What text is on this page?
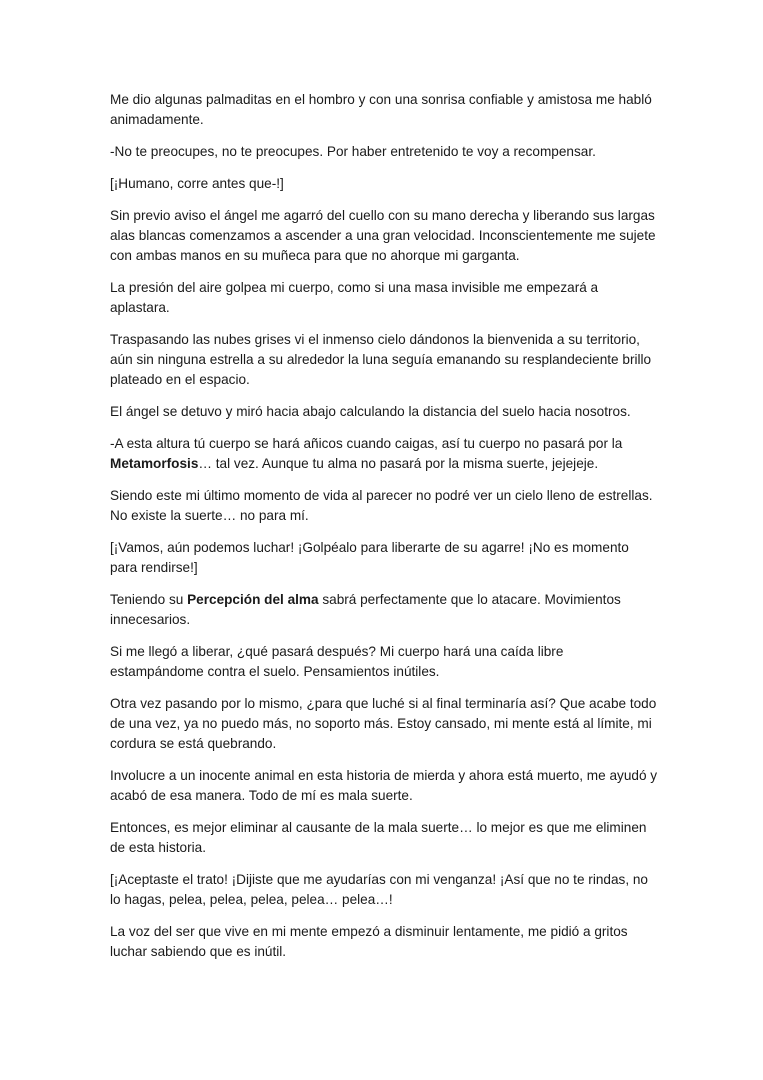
Me dio algunas palmaditas en el hombro y con una sonrisa confiable y amistosa me habló animadamente.

-No te preocupes, no te preocupes. Por haber entretenido te voy a recompensar.

[¡Humano, corre antes que-!]

Sin previo aviso el ángel me agarró del cuello con su mano derecha y liberando sus largas alas blancas comenzamos a ascender a una gran velocidad. Inconscientemente me sujete con ambas manos en su muñeca para que no ahorque mi garganta.

La presión del aire golpea mi cuerpo, como si una masa invisible me empezará a aplastara.

Traspasando las nubes grises vi el inmenso cielo dándonos la bienvenida a su territorio, aún sin ninguna estrella a su alrededor la luna seguía emanando su resplandeciente brillo plateado en el espacio.

El ángel se detuvo y miró hacia abajo calculando la distancia del suelo hacia nosotros.

-A esta altura tú cuerpo se hará añicos cuando caigas, así tu cuerpo no pasará por la Metamorfosis… tal vez. Aunque tu alma no pasará por la misma suerte, jejejeje.

Siendo este mi último momento de vida al parecer no podré ver un cielo lleno de estrellas. No existe la suerte… no para mí.

[¡Vamos, aún podemos luchar! ¡Golpéalo para liberarte de su agarre! ¡No es momento para rendirse!]

Teniendo su Percepción del alma sabrá perfectamente que lo atacare. Movimientos innecesarios.

Si me llegó a liberar, ¿qué pasará después? Mi cuerpo hará una caída libre estampándome contra el suelo. Pensamientos inútiles.

Otra vez pasando por lo mismo, ¿para que luché si al final terminaría así? Que acabe todo de una vez, ya no puedo más, no soporto más. Estoy cansado, mi mente está al límite, mi cordura se está quebrando.

Involucre a un inocente animal en esta historia de mierda y ahora está muerto, me ayudó y acabó de esa manera. Todo de mí es mala suerte.

Entonces, es mejor eliminar al causante de la mala suerte… lo mejor es que me eliminen de esta historia.

[¡Aceptaste el trato! ¡Dijiste que me ayudarías con mi venganza! ¡Así que no te rindas, no lo hagas, pelea, pelea, pelea, pelea… pelea…!

La voz del ser que vive en mi mente empezó a disminuir lentamente, me pidió a gritos luchar sabiendo que es inútil.
